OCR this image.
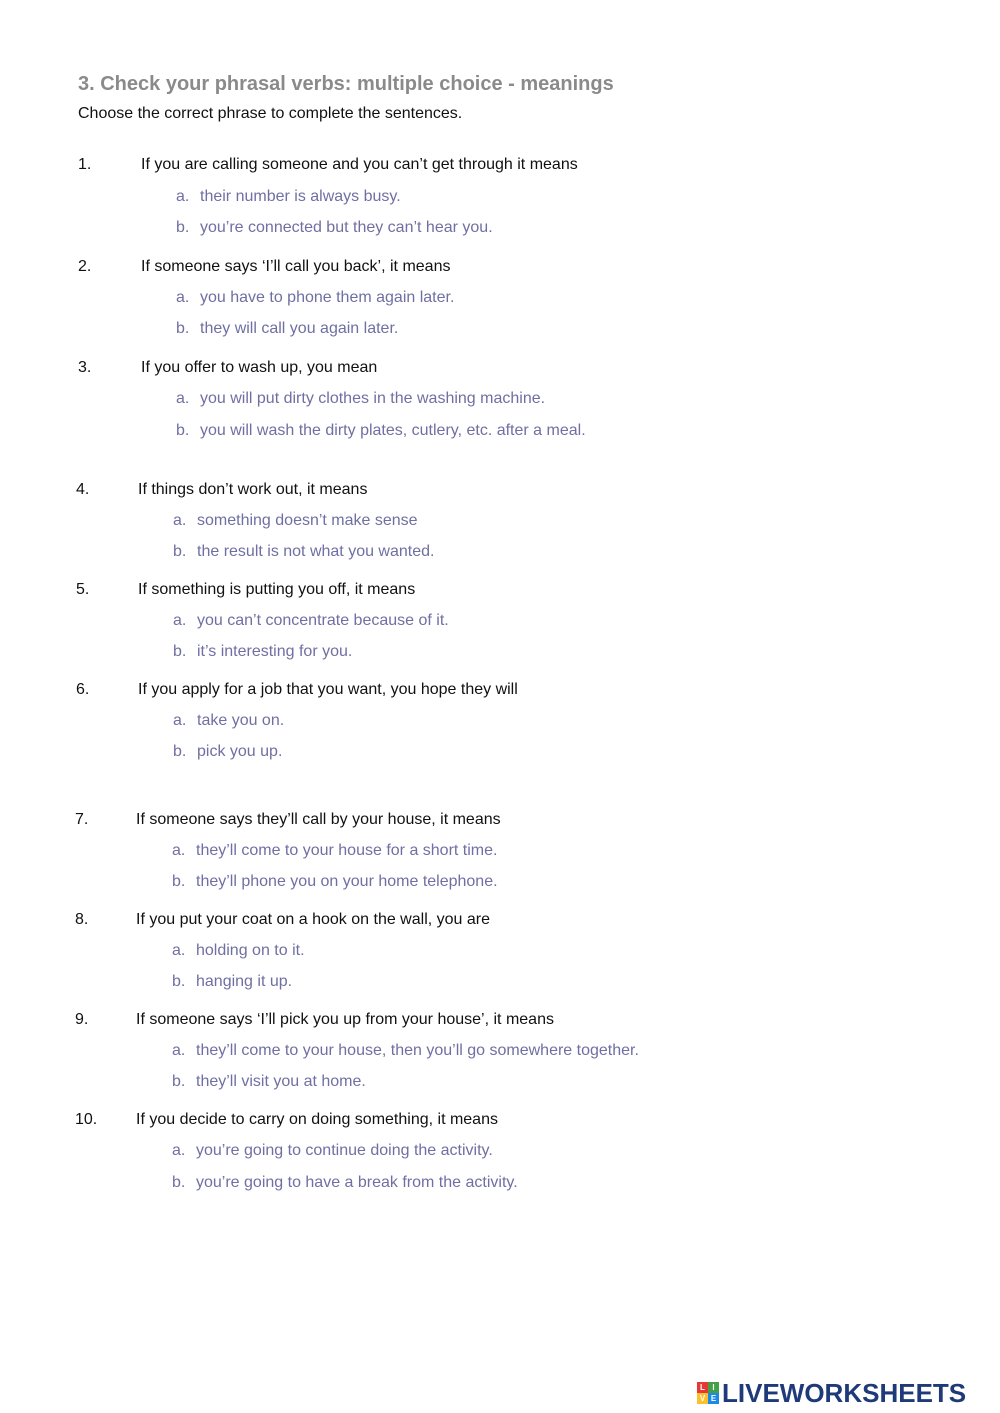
3. Check your phrasal verbs: multiple choice - meanings
Choose the correct phrase to complete the sentences.
1.	If you are calling someone and you can’t get through it means
a. their number is always busy.
b. you’re connected but they can’t hear you.
2.	If someone says ‘I’ll call you back’, it means
a. you have to phone them again later.
b. they will call you again later.
3.	If you offer to wash up, you mean
a. you will put dirty clothes in the washing machine.
b. you will wash the dirty plates, cutlery, etc. after a meal.
4.	If things don’t work out, it means
a. something doesn’t make sense
b. the result is not what you wanted.
5.	If something is putting you off, it means
a. you can’t concentrate because of it.
b. it’s interesting for you.
6.	If you apply for a job that you want, you hope they will
a. take you on.
b. pick you up.
7.	If someone says they’ll call by your house, it means
a. they’ll come to your house for a short time.
b. they’ll phone you on your home telephone.
8.	If you put your coat on a hook on the wall, you are
a. holding on to it.
b. hanging it up.
9.	If someone says ‘I’ll pick you up from your house’, it means
a. they’ll come to your house, then you’ll go somewhere together.
b. they’ll visit you at home.
10. If you decide to carry on doing something, it means
a. you’re going to continue doing the activity.
b. you’re going to have a break from the activity.
L I
V E LIVEWORKSHEETS
